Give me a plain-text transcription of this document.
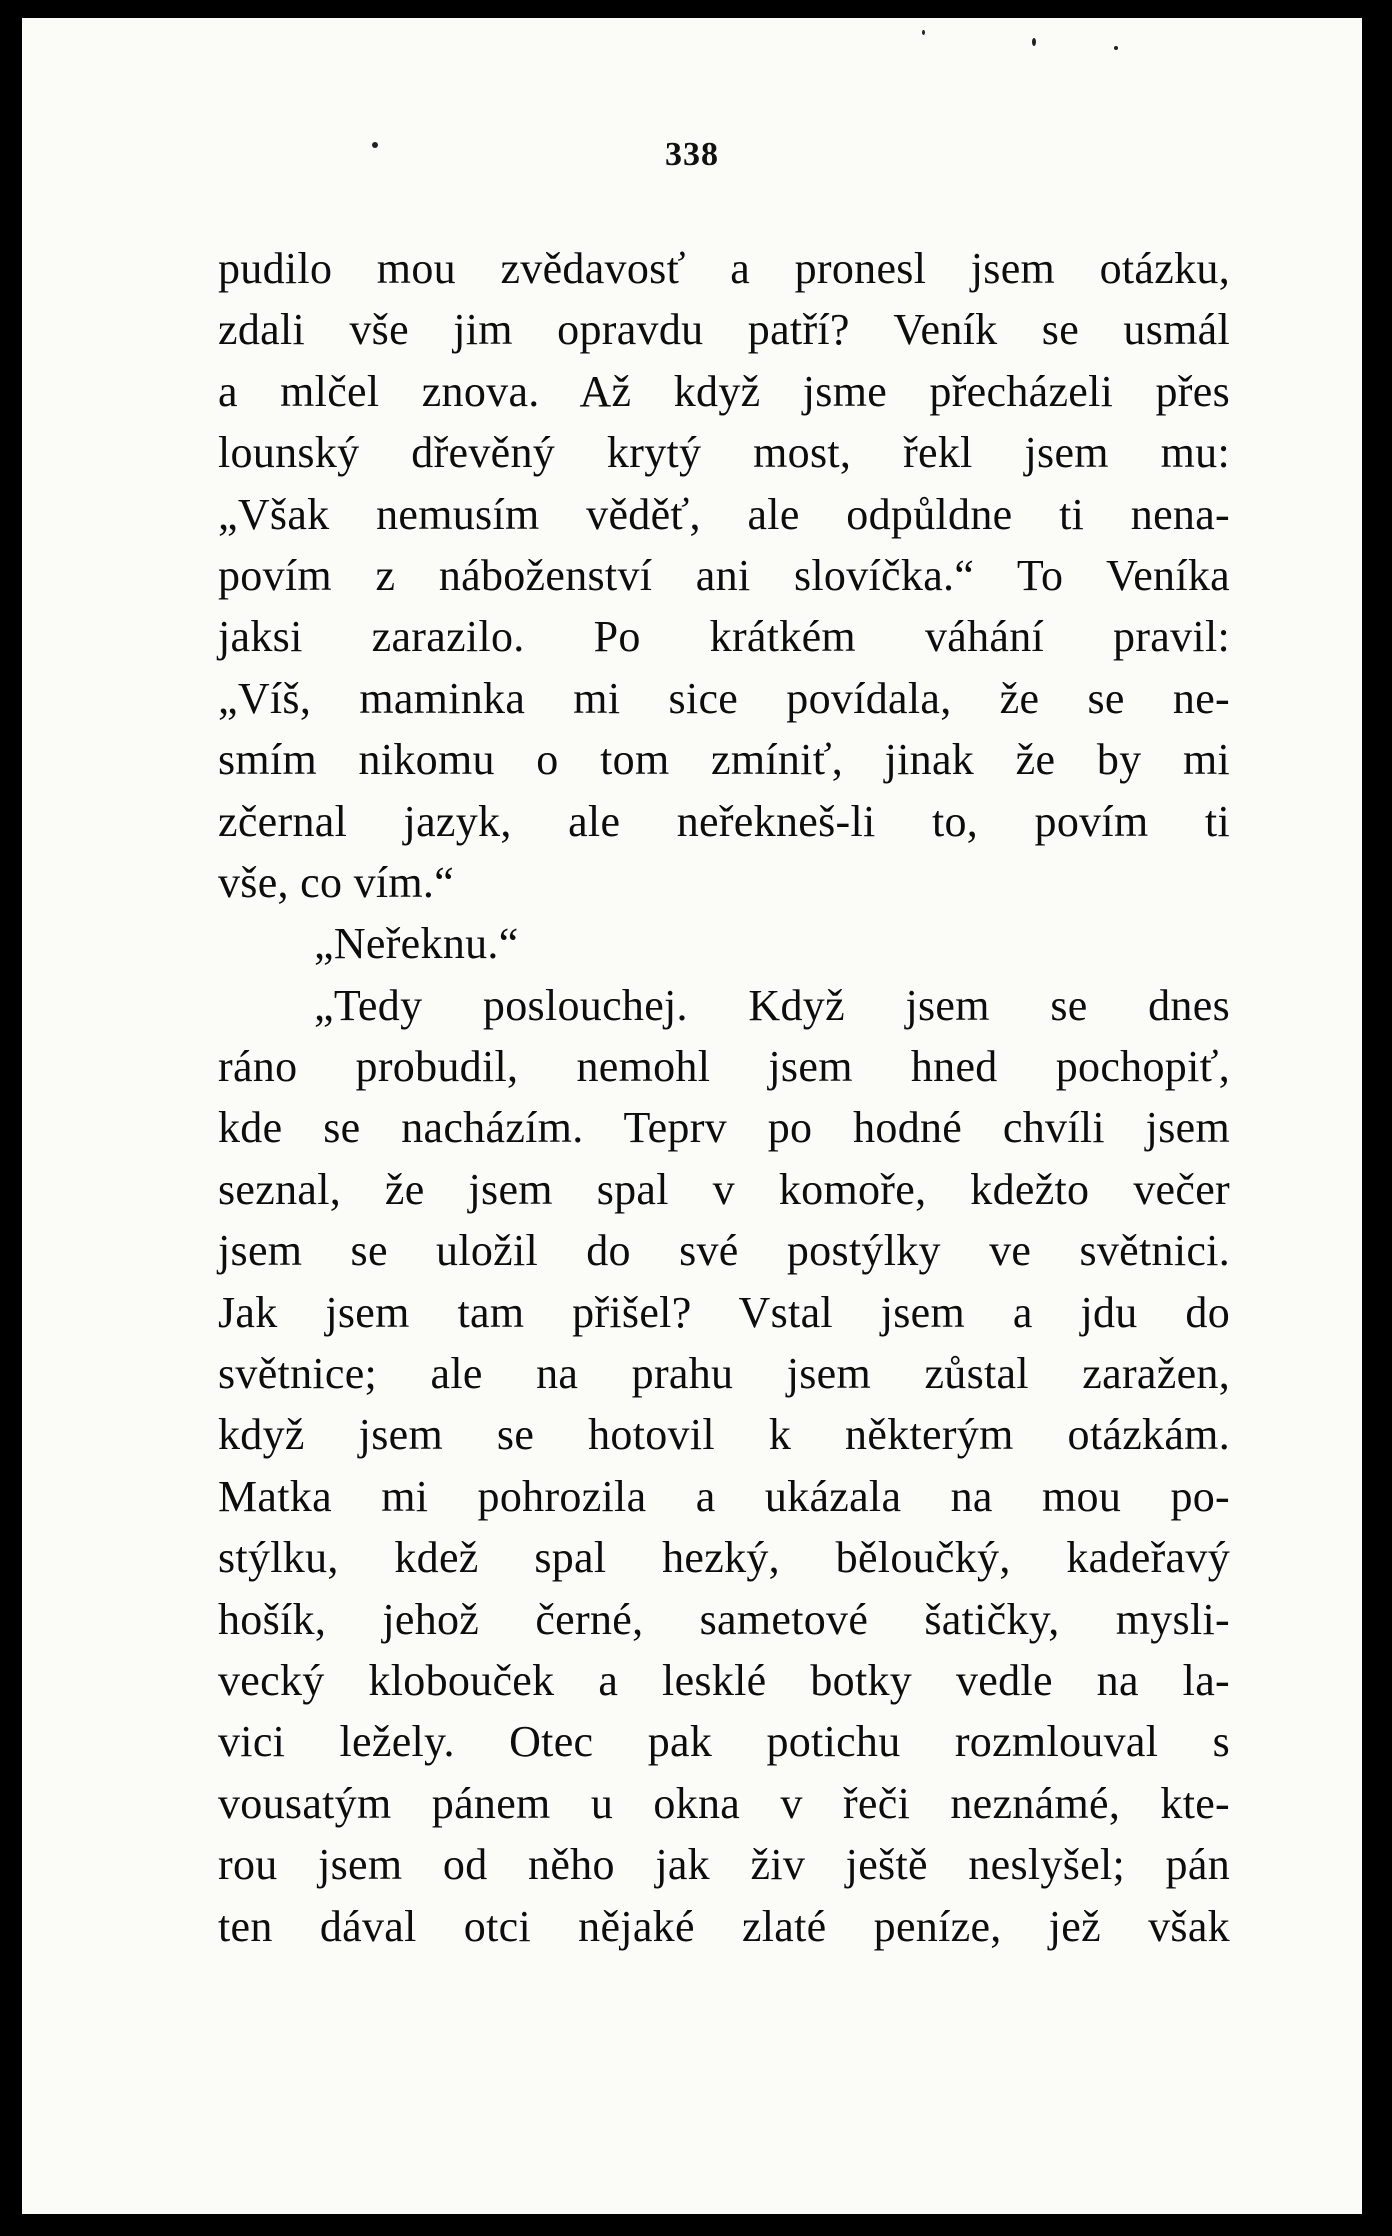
338
pudilo mou zvědavosť a pronesl jsem otázku,
zdali vše jim opravdu patří? Veník se usmál
a mlčel znova. Až když jsme přecházeli přes
lounský dřevěný krytý most, řekl jsem mu:
„Však nemusím věděť, ale odpůldne ti nena-
povím z náboženství ani slovíčka.“ To Veníka
jaksi zarazilo. Po krátkém váhání pravil:
„Víš, maminka mi sice povídala, že se ne-
smím nikomu o tom zmíniť, jinak že by mi
zčernal jazyk, ale neřekneš-li to, povím ti
vše, co vím.“
„Neřeknu.“
„Tedy poslouchej. Když jsem se dnes
ráno probudil, nemohl jsem hned pochopiť,
kde se nacházím. Teprv po hodné chvíli jsem
seznal, že jsem spal v komoře, kdežto večer
jsem se uložil do své postýlky ve světnici.
Jak jsem tam přišel? Vstal jsem a jdu do
světnice; ale na prahu jsem zůstal zaražen,
když jsem se hotovil k některým otázkám.
Matka mi pohrozila a ukázala na mou po-
stýlku, kdež spal hezký, běloučký, kadeřavý
hošík, jehož černé, sametové šatičky, mysli-
vecký klobouček a lesklé botky vedle na la-
vici ležely. Otec pak potichu rozmlouval s
vousatým pánem u okna v řeči neznámé, kte-
rou jsem od něho jak živ ještě neslyšel; pán
ten dával otci nějaké zlaté peníze, jež však
